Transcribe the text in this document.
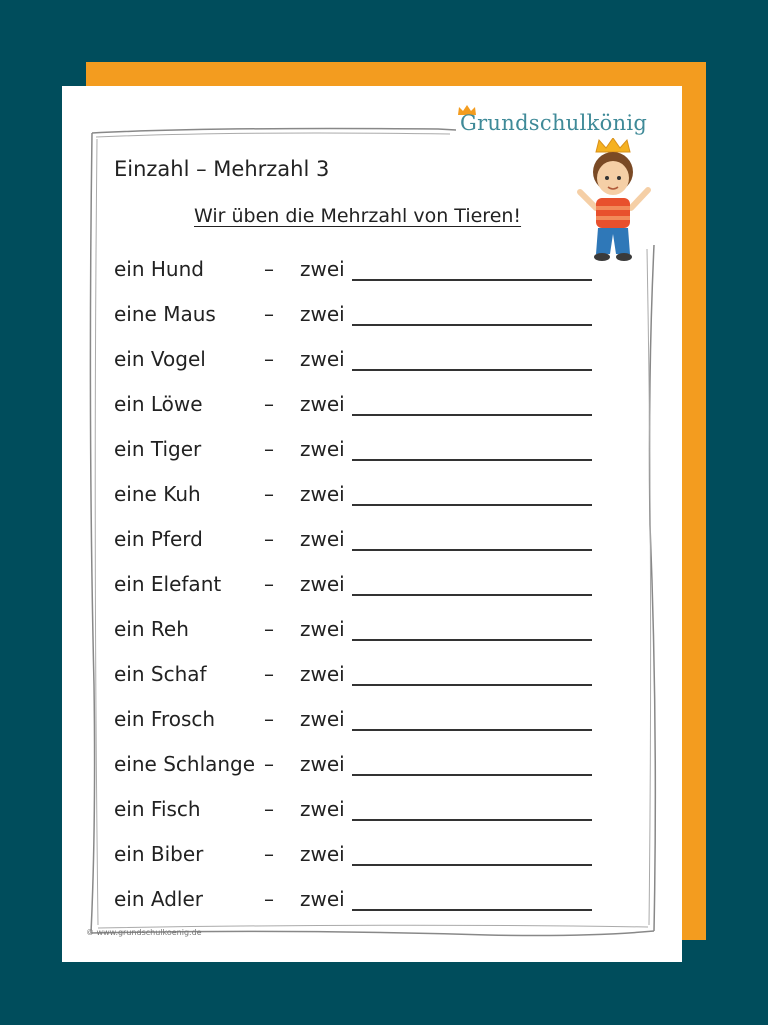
Grundschulkönig
Einzahl – Mehrzahl 3
Wir üben die Mehrzahl von Tieren!
ein Hund	– zwei
eine Maus – zwei
ein Vogel	– zwei
ein Löwe	– zwei
ein Tiger	– zwei
eine Kuh	– zwei
ein Pferd	– zwei
ein Elefant – zwei
ein Reh	– zwei
ein Schaf	– zwei
ein Frosch – zwei
eine Schlange – zwei
ein Fisch	– zwei
ein Biber	– zwei
ein Adler	– zwei
© www.grundschulkoenig.de
